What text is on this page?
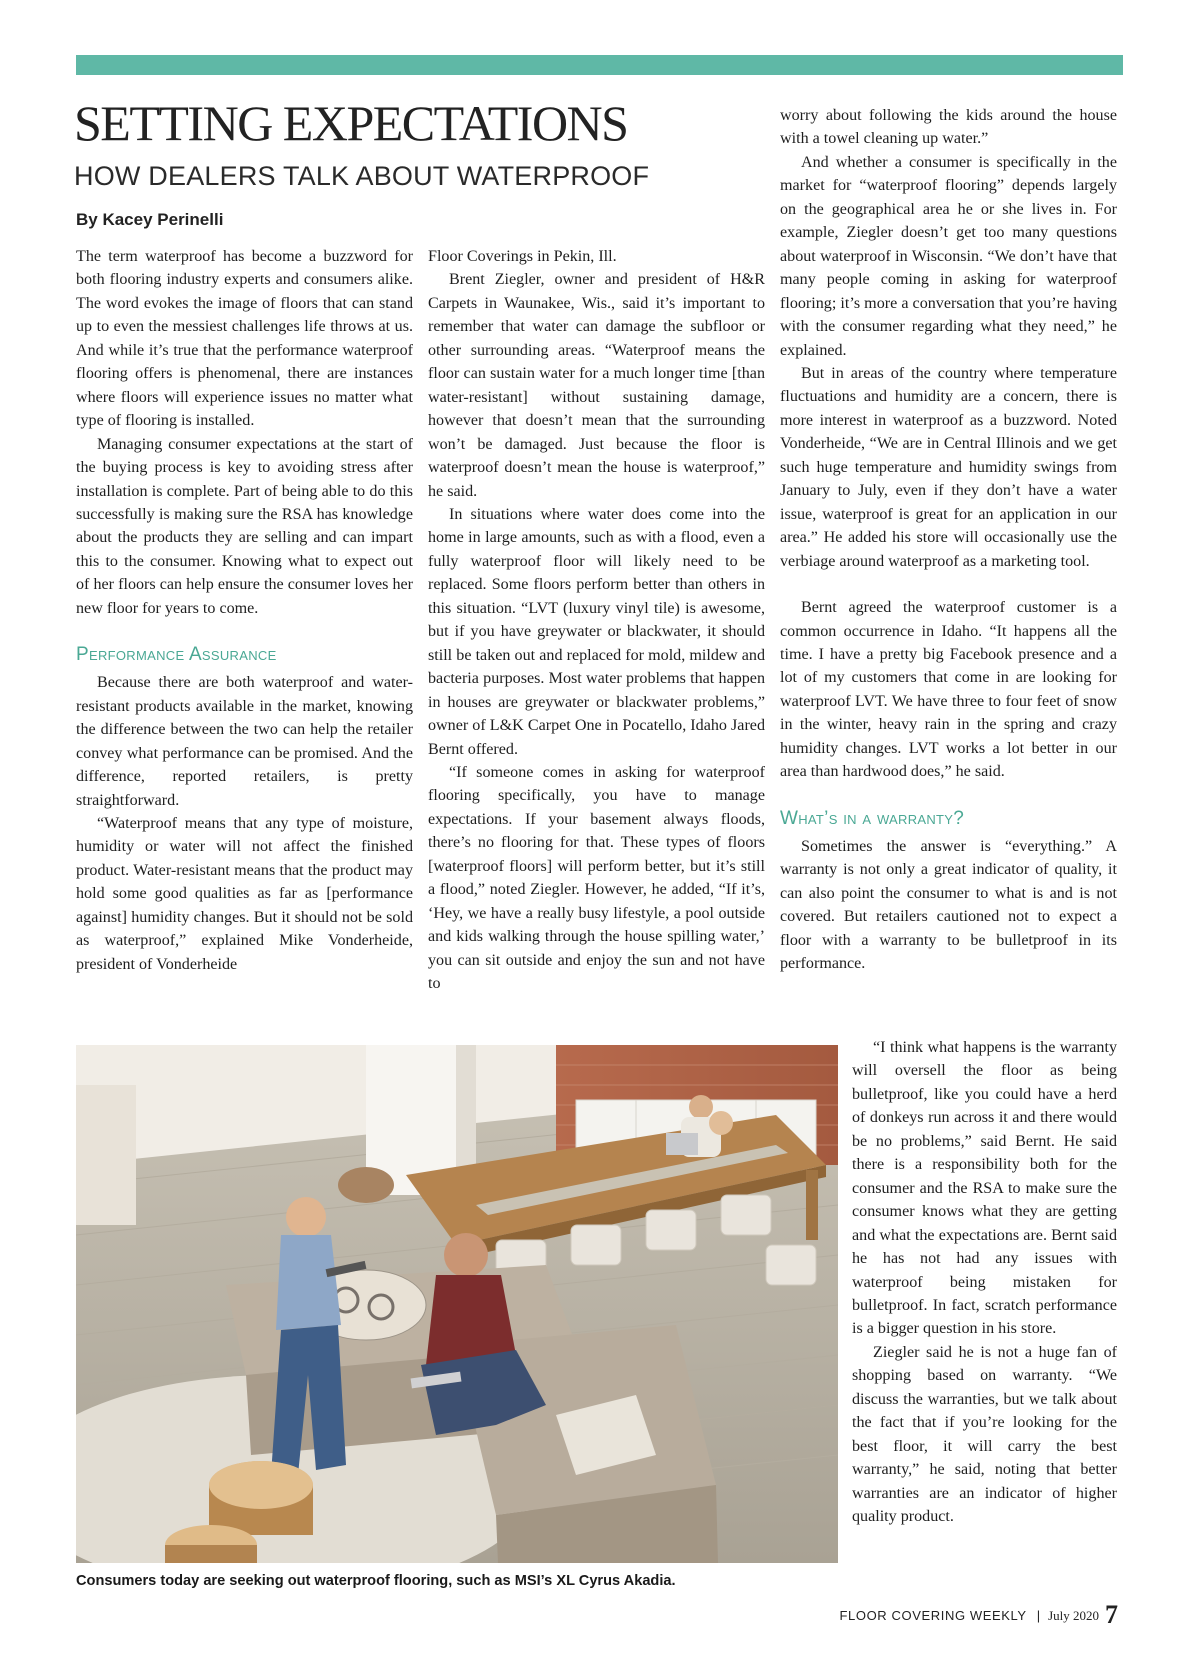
SETTING EXPECTATIONS
HOW DEALERS TALK ABOUT WATERPROOF
By Kacey Perinelli

The term waterproof has become a buzzword for both flooring industry experts and consumers alike. The word evokes the image of floors that can stand up to even the messiest challenges life throws at us. And while it’s true that the performance waterproof flooring offers is phenomenal, there are instances where floors will experience issues no matter what type of flooring is installed.

Managing consumer expectations at the start of the buying process is key to avoiding stress after installation is complete. Part of being able to do this successfully is making sure the RSA has knowledge about the products they are selling and can impart this to the consumer. Knowing what to expect out of her floors can help ensure the consumer loves her new floor for years to come.

Performance Assurance

Because there are both waterproof and water-resistant products available in the market, knowing the difference between the two can help the retailer convey what performance can be promised. And the difference, reported retailers, is pretty straightforward.

“Waterproof means that any type of moisture, humidity or water will not affect the finished product. Water-resistant means that the product may hold some good qualities as far as [performance against] humidity changes. But it should not be sold as waterproof,” explained Mike Vonderheide, president of Vonderheide

Floor Coverings in Pekin, Ill.

Brent Ziegler, owner and president of H&R Carpets in Waunakee, Wis., said it’s important to remember that water can damage the subfloor or other surrounding areas. “Waterproof means the floor can sustain water for a much longer time [than water-resistant] without sustaining damage, however that doesn’t mean that the surrounding won’t be damaged. Just because the floor is waterproof doesn’t mean the house is waterproof,” he said.

In situations where water does come into the home in large amounts, such as with a flood, even a fully waterproof floor will likely need to be replaced. Some floors perform better than others in this situation. “LVT (luxury vinyl tile) is awesome, but if you have greywater or blackwater, it should still be taken out and replaced for mold, mildew and bacteria purposes. Most water problems that happen in houses are greywater or blackwater problems,” owner of L&K Carpet One in Pocatello, Idaho Jared Bernt offered.

“If someone comes in asking for waterproof flooring specifically, you have to manage expectations. If your basement always floods, there’s no flooring for that. These types of floors [waterproof floors] will perform better, but it’s still a flood,” noted Ziegler. However, he added, “If it’s, ‘Hey, we have a really busy lifestyle, a pool outside and kids walking through the house spilling water,’ you can sit outside and enjoy the sun and not have to

worry about following the kids around the house with a towel cleaning up water.”

And whether a consumer is specifically in the market for “waterproof flooring” depends largely on the geographical area he or she lives in. For example, Ziegler doesn’t get too many questions about waterproof in Wisconsin. “We don’t have that many people coming in asking for waterproof flooring; it’s more a conversation that you’re having with the consumer regarding what they need,” he explained.

But in areas of the country where temperature fluctuations and humidity are a concern, there is more interest in waterproof as a buzzword. Noted Vonderheide, “We are in Central Illinois and we get such huge temperature and humidity swings from January to July, even if they don’t have a water issue, waterproof is great for an application in our area.” He added his store will occasionally use the verbiage around waterproof as a marketing tool.

Bernt agreed the waterproof customer is a common occurrence in Idaho. “It happens all the time. I have a pretty big Facebook presence and a lot of my customers that come in are looking for waterproof LVT. We have three to four feet of snow in the winter, heavy rain in the spring and crazy humidity changes. LVT works a lot better in our area than hardwood does,” he said.

What’s in a warranty?

Sometimes the answer is “everything.” A warranty is not only a great indicator of quality, it can also point the consumer to what is and is not covered. But retailers cautioned not to expect a floor with a warranty to be bulletproof in its performance.

“I think what happens is the warranty will oversell the floor as being bulletproof, like you could have a herd of donkeys run across it and there would be no problems,” said Bernt. He said there is a responsibility both for the consumer and the RSA to make sure the consumer knows what they are getting and what the expectations are. Bernt said he has not had any issues with waterproof being mistaken for bulletproof. In fact, scratch performance is a bigger question in his store.

Ziegler said he is not a huge fan of shopping based on warranty. “We discuss the warranties, but we talk about the fact that if you’re looking for the best floor, it will carry the best warranty,” he said, noting that better warranties are an indicator of higher quality product.

Consumers today are seeking out waterproof flooring, such as MSI’s XL Cyrus Akadia.
FLOOR COVERING WEEKLY | July 2020 7
